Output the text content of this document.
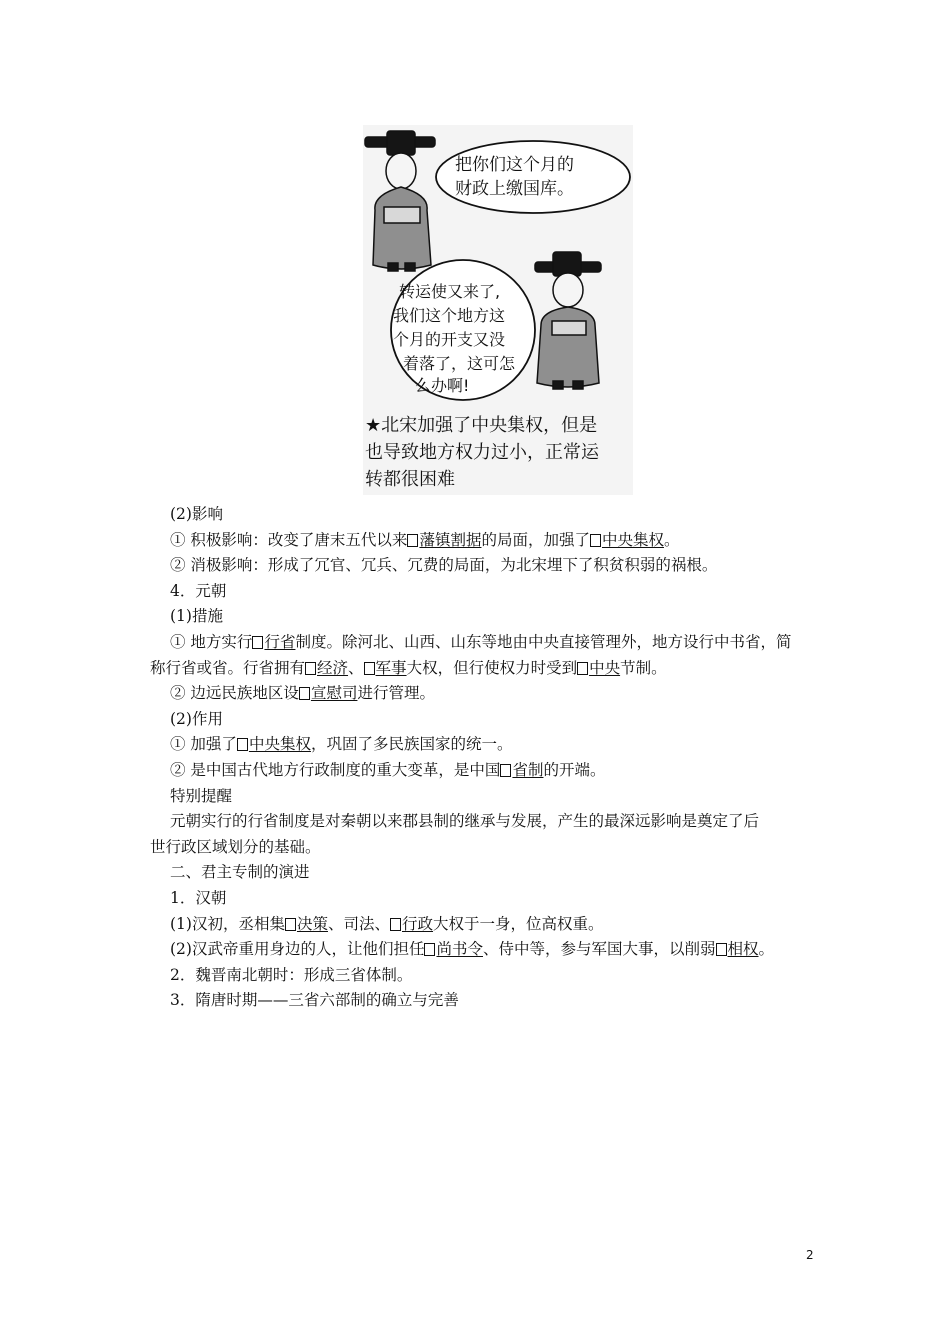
把你们这个月的
财政上缴国库。
转运使又来了,
我们这个地方这
个月的开支又没
着落了，这可怎
么办啊!
★北宋加强了中央集权，但是
也导致地方权力过小，正常运
转都很困难
(2)影响
① 积极影响：改变了唐末五代以来 藩镇割据的局面，加强了 中央集权。
② 消极影响：形成了冗官、冗兵、冗费的局面，为北宋埋下了积贫积弱的祸根。
4．元朝
(1)措施
① 地方实行 行省制度。除河北、山西、山东等地由中央直接管理外，地方设行中书省，简
称行省或省。行省拥有 经济、 军事大权，但行使权力时受到 中央节制。
② 边远民族地区设 宣慰司进行管理。
(2)作用
① 加强了 中央集权，巩固了多民族国家的统一。
② 是中国古代地方行政制度的重大变革，是中国 省制的开端。
特别提醒
元朝实行的行省制度是对秦朝以来郡县制的继承与发展，产生的最深远影响是奠定了后
世行政区域划分的基础。
二、君主专制的演进
1．汉朝
(1)汉初，丞相集 决策、司法、 行政大权于一身，位高权重。
(2)汉武帝重用身边的人，让他们担任 尚书令、侍中等，参与军国大事，以削弱 相权。
2．魏晋南北朝时：形成三省体制。
3．隋唐时期——三省六部制的确立与完善
2
